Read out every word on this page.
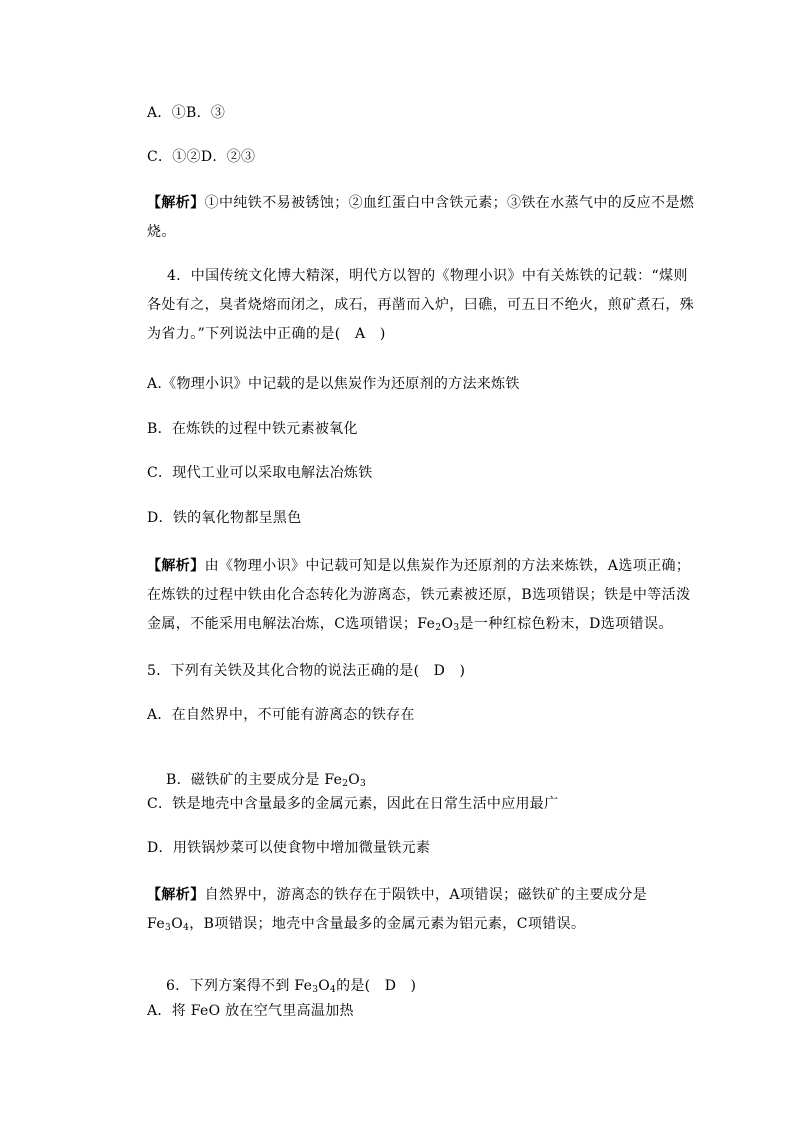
A．①B．③
C．①②D．②③
【解析】①中纯铁不易被锈蚀；②血红蛋白中含铁元素；③铁在水蒸气中的反应不是燃烧。
4．中国传统文化博大精深，明代方以智的《物理小识》中有关炼铁的记载：“煤则各处有之，臭者烧熔而闭之，成石，再凿而入炉，曰礁，可五日不绝火，煎矿煮石，殊为省力。”下列说法中正确的是(　A　)
A.《物理小识》中记载的是以焦炭作为还原剂的方法来炼铁
B．在炼铁的过程中铁元素被氧化
C．现代工业可以采取电解法冶炼铁
D．铁的氧化物都呈黑色
【解析】由《物理小识》中记载可知是以焦炭作为还原剂的方法来炼铁，A选项正确；在炼铁的过程中铁由化合态转化为游离态，铁元素被还原，B选项错误；铁是中等活泼金属，不能采用电解法冶炼，C选项错误；$Fe_2O_3$是一种红棕色粉末，D选项错误。
5．下列有关铁及其化合物的说法正确的是(　D　)
A．在自然界中，不可能有游离态的铁存在

B．磁铁矿的主要成分是 $Fe_2O_3$

C．铁是地壳中含量最多的金属元素，因此在日常生活中应用最广
D．用铁锅炒菜可以使食物中增加微量铁元素
【解析】自然界中，游离态的铁存在于陨铁中，A项错误；磁铁矿的主要成分是 $Fe_3O_4$，B项错误；地壳中含量最多的金属元素为铝元素，C项错误。

6．下列方案得不到 $Fe_3O_4$的是(　D　)

A．将 FeO 放在空气里高温加热
